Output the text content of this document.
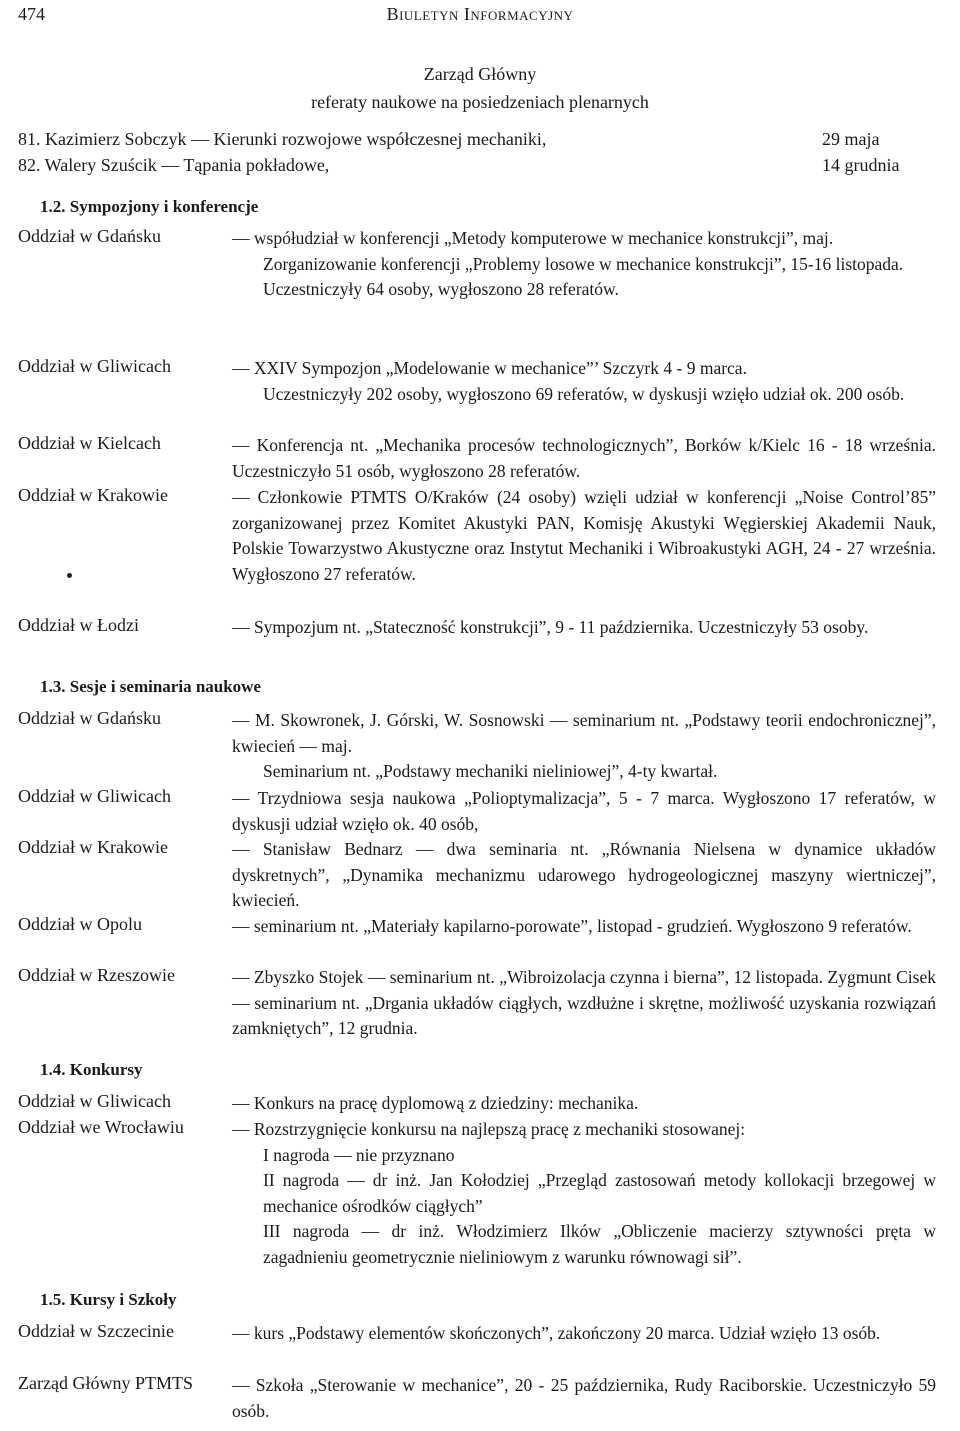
474	Biuletyn Informacyjny
Zarząd Główny
referaty naukowe na posiedzeniach plenarnych
81. Kazimierz Sobczyk — Kierunki rozwojowe współczesnej mechaniki,	29 maja
82. Walery Szuścik — Tąpania pokładowe,	14 grudnia
1.2. Sympozjony i konferencje
Oddział w Gdańsku	— współudział w konferencji „Metody komputerowe w mechanice konstrukcji”, maj.
Zorganizowanie konferencji „Problemy losowe w mechanice konstrukcji”, 15-16 listopada.
Uczestniczyły 64 osoby, wygłoszono 28 referatów.
Oddział w Gliwicach	— XXIV Sympozjon „Modelowanie w mechanice”’ Szczyrk 4 - 9 marca.
Uczestniczyły 202 osoby, wygłoszono 69 referatów, w dyskusji wzięło udział ok. 200 osób.
Oddział w Kielcach	— Konferencja nt. „Mechanika procesów technologicznych”, Borków k/Kielc 16 - 18 września. Uczestniczyło 51 osób, wygłoszono 28 referatów.
Oddział w Krakowie	— Członkowie PTMTS O/Kraków (24 osoby) wzięli udział w konferencji „Noise Control’85” zorganizowanej przez Komitet Akustyki PAN, Komisję Akustyki Węgierskiej Akademii Nauk, Polskie Towarzystwo Akustyczne oraz Instytut Mechaniki i Wibroakustyki AGH, 24 - 27 września. Wygłoszono 27 referatów.
Oddział w Łodzi	— Sympozjum nt. „Stateczność konstrukcji”, 9 - 11 października. Uczestniczyły 53 osoby.
1.3. Sesje i seminaria naukowe
Oddział w Gdańsku	— M. Skowronek, J. Górski, W. Sosnowski — seminarium nt. „Podstawy teorii endochronicznej”, kwiecień — maj.
Seminarium nt. „Podstawy mechaniki nieliniowej”, 4-ty kwartał.
Oddział w Gliwicach	— Trzydniowa sesja naukowa „Polioptymalizacja”, 5 - 7 marca. Wygłoszono 17 referatów, w dyskusji udział wzięło ok. 40 osób,
Oddział w Krakowie	— Stanisław Bednarz — dwa seminaria nt. „Równania Nielsena w dynamice układów dyskretnych”, „Dynamika mechanizmu udarowego hydrogeologicznej maszyny wiertniczej”, kwiecień.
Oddział w Opolu	— seminarium nt. „Materiały kapilarno-porowate”, listopad - grudzień. Wygłoszono 9 referatów.
Oddział w Rzeszowie	— Zbyszko Stojek — seminarium nt. „Wibroizolacja czynna i bierna”, 12 listopada. Zygmunt Cisek — seminarium nt. „Drgania układów ciągłych, wzdłużne i skrętne, możliwość uzyskania rozwiązań zamkniętych”, 12 grudnia.
1.4. Konkursy
Oddział w Gliwicach	— Konkurs na pracę dyplomową z dziedziny: mechanika.
Oddział we Wrocławiu	— Rozstrzygnięcie konkursu na najlepszą pracę z mechaniki stosowanej:
I nagroda — nie przyznano
II nagroda — dr inż. Jan Kołodziej „Przegląd zastosowań metody kollokacji brzegowej w mechanice ośrodków ciągłych”
III nagroda — dr inż. Włodzimierz Ilków „Obliczenie macierzy sztywności pręta w zagadnieniu geometrycznie nieliniowym z warunku równowagi sił”.
1.5. Kursy i Szkoły
Oddział w Szczecinie	— kurs „Podstawy elementów skończonych”, zakończony 20 marca. Udział wzięło 13 osób.
Zarząd Główny PTMTS	— Szkoła „Sterowanie w mechanice”, 20 - 25 października, Rudy Raciborskie. Uczestniczyło 59 osób.
